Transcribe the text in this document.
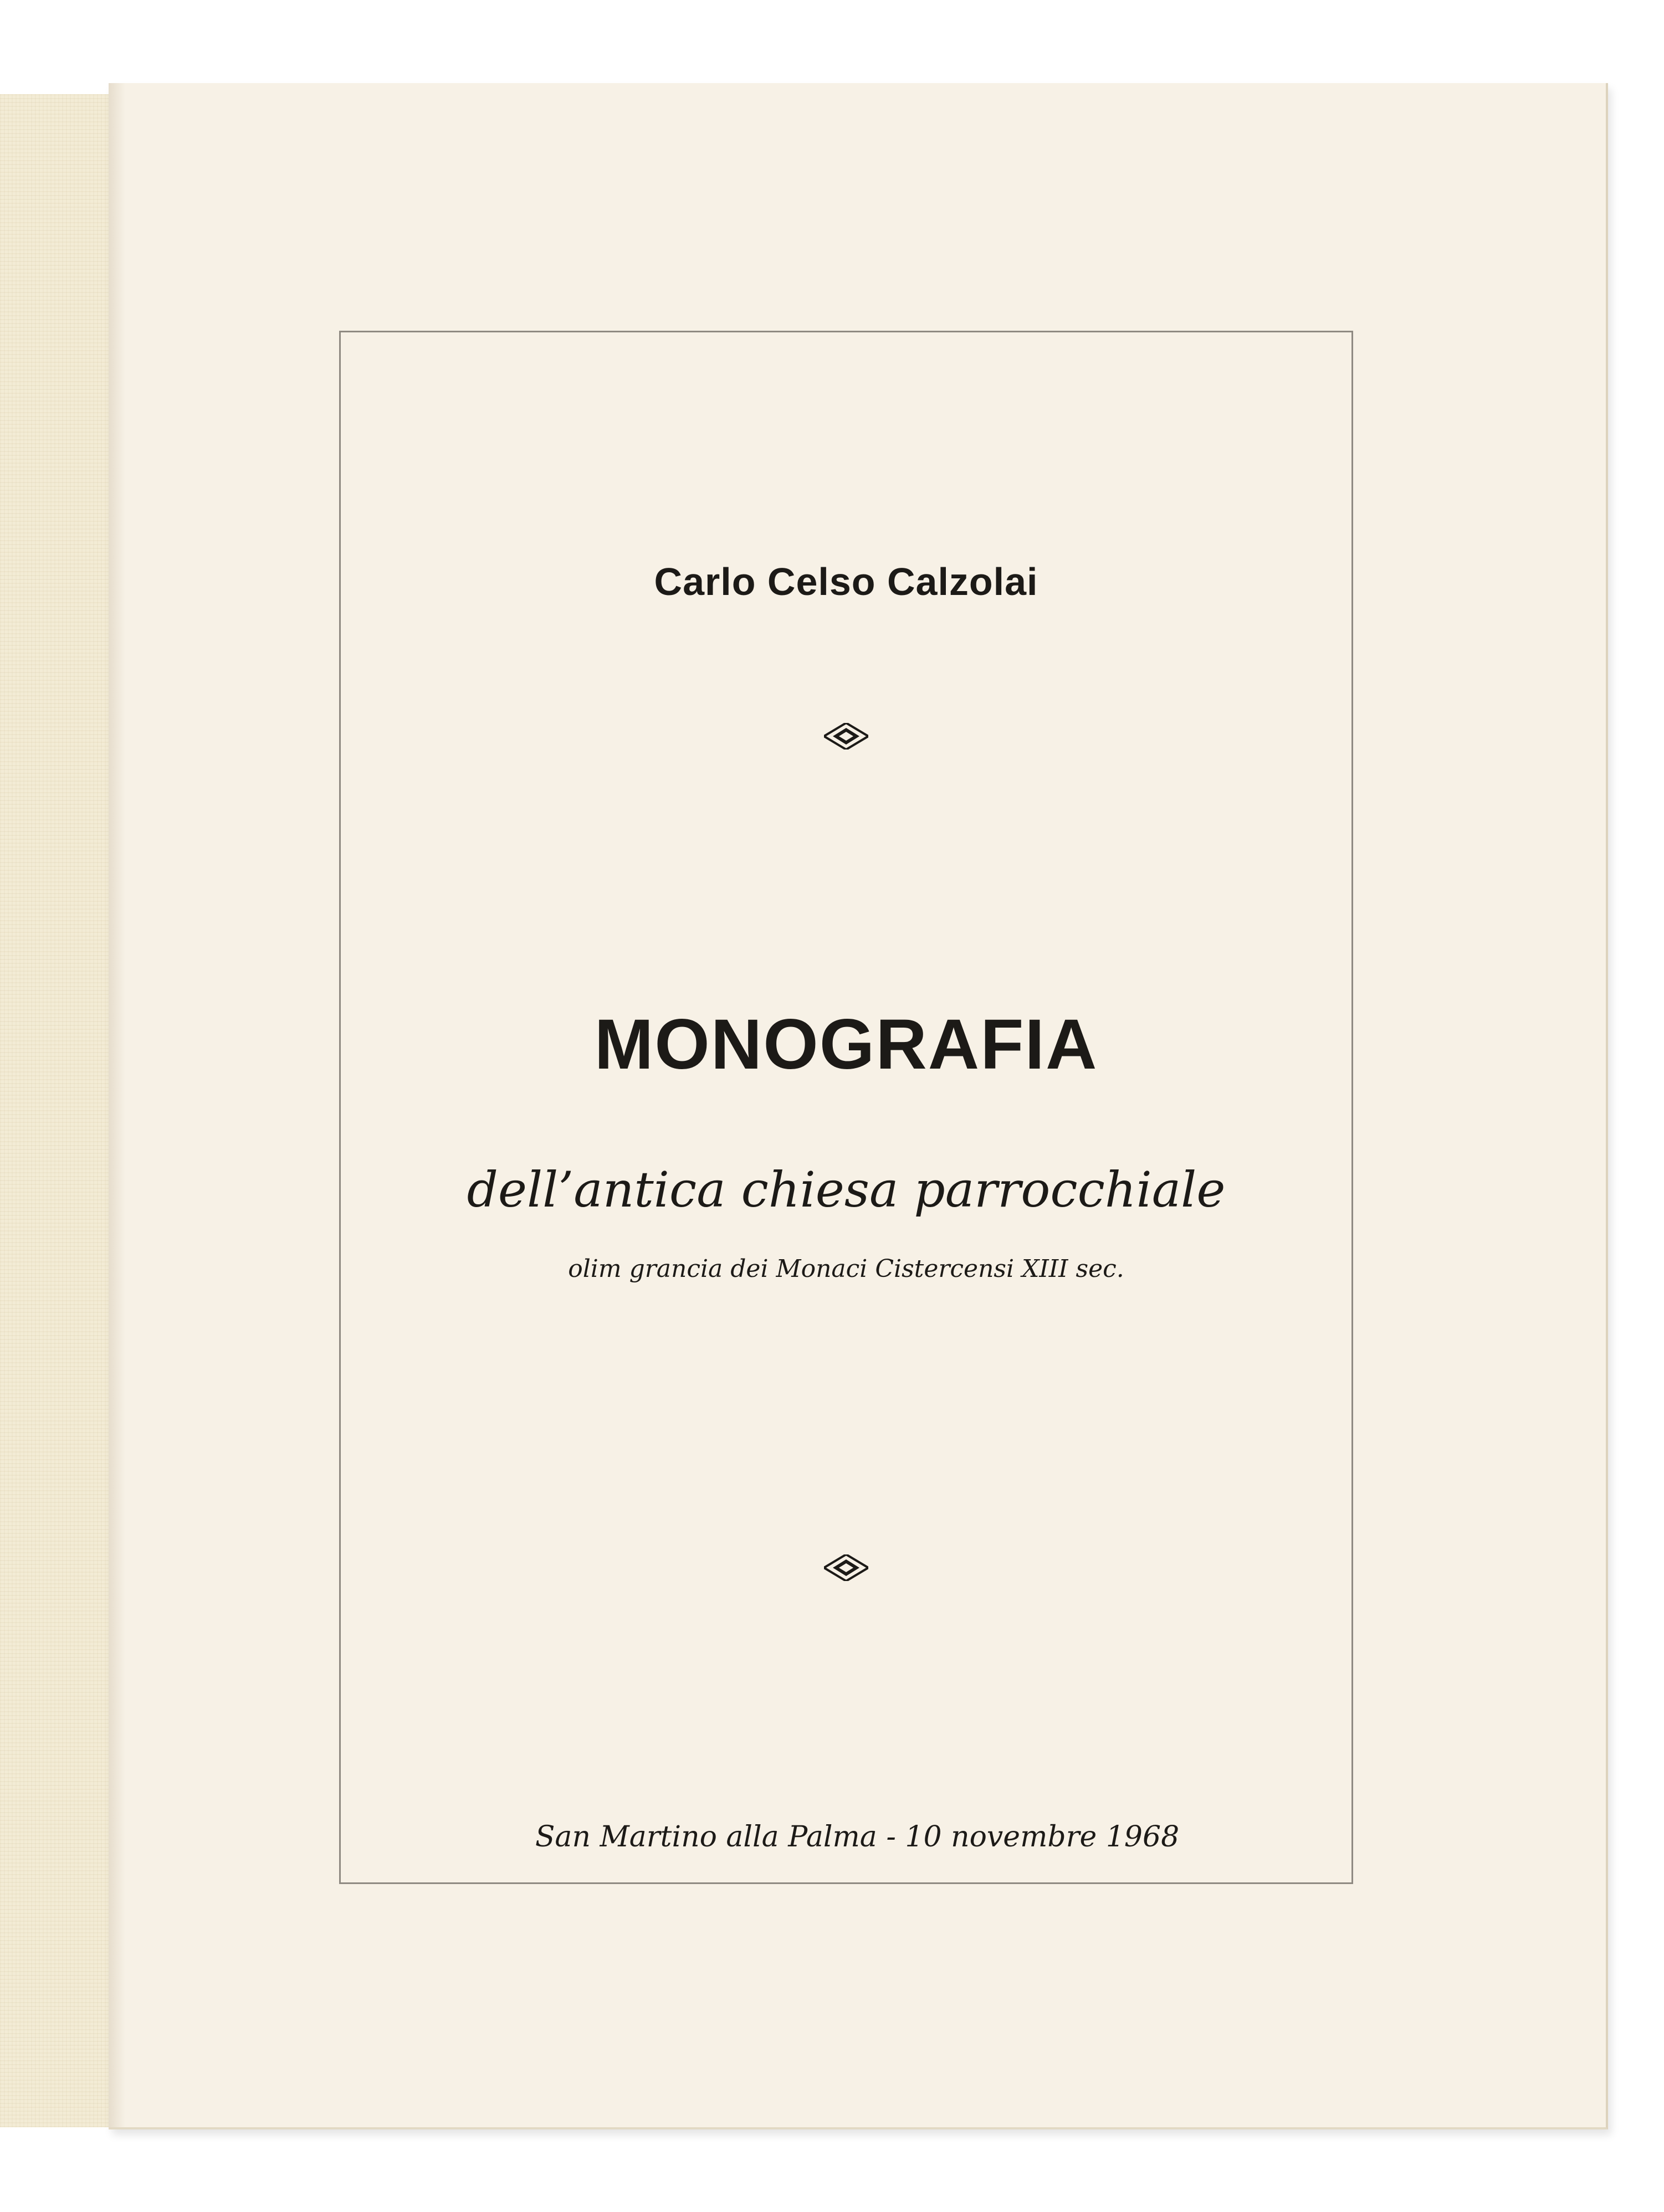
Carlo Celso Calzolai
MONOGRAFIA
dell’antica chiesa parrocchiale
olim grancia dei Monaci Cistercensi XIII sec.
San Martino alla Palma - 10 novembre 1968
